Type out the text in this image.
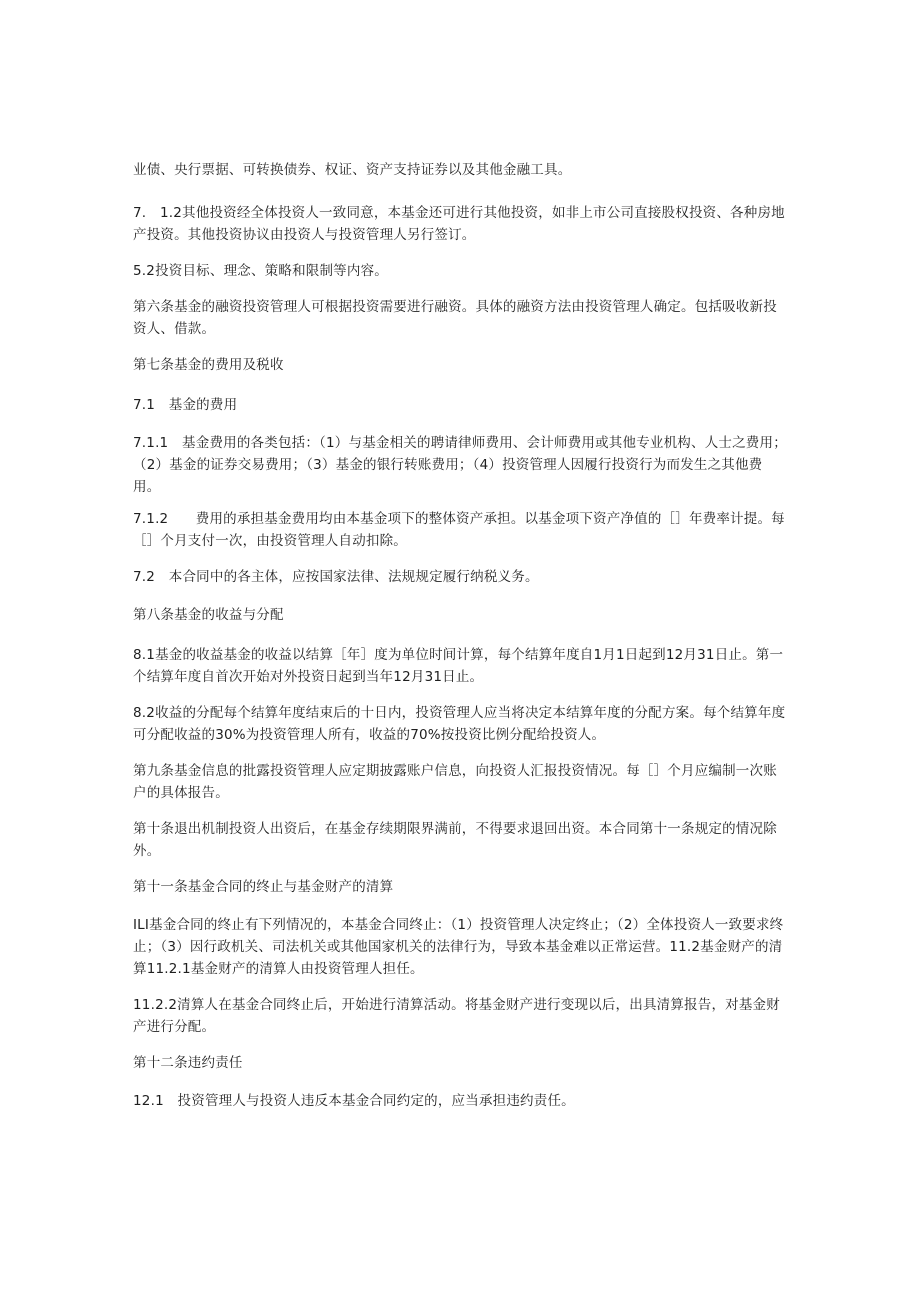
业债、央行票据、可转换债券、权证、资产支持证券以及其他金融工具。

7.　1.2其他投资经全体投资人一致同意，本基金还可进行其他投资，如非上市公司直接股权投资、各种房地产投资。其他投资协议由投资人与投资管理人另行签订。

5.2投资目标、理念、策略和限制等内容。

第六条基金的融资投资管理人可根据投资需要进行融资。具体的融资方法由投资管理人确定。包括吸收新投资人、借款。

第七条基金的费用及税收

7.1　基金的费用

7.1.1　基金费用的各类包括：（1）与基金相关的聘请律师费用、会计师费用或其他专业机构、人士之费用；（2）基金的证券交易费用；（3）基金的银行转账费用；（4）投资管理人因履行投资行为而发生之其他费用。

7.1.2　　费用的承担基金费用均由本基金项下的整体资产承担。以基金项下资产净值的［］年费率计提。每［］个月支付一次，由投资管理人自动扣除。

7.2　本合同中的各主体，应按国家法律、法规规定履行纳税义务。

第八条基金的收益与分配

8.1基金的收益基金的收益以结算［年］度为单位时间计算，每个结算年度自1月1日起到12月31日止。第一个结算年度自首次开始对外投资日起到当年12月31日止。

8.2收益的分配每个结算年度结束后的十日内，投资管理人应当将决定本结算年度的分配方案。每个结算年度可分配收益的30%为投资管理人所有，收益的70%按投资比例分配给投资人。

第九条基金信息的批露投资管理人应定期披露账户信息，向投资人汇报投资情况。每［］个月应编制一次账户的具体报告。

第十条退出机制投资人出资后，在基金存续期限界满前，不得要求退回出资。本合同第十一条规定的情况除外。

第十一条基金合同的终止与基金财产的清算

ILI基金合同的终止有下列情况的，本基金合同终止：（1）投资管理人决定终止；（2）全体投资人一致要求终止；（3）因行政机关、司法机关或其他国家机关的法律行为，导致本基金难以正常运营。11.2基金财产的清算11.2.1基金财产的清算人由投资管理人担任。

11.2.2清算人在基金合同终止后，开始进行清算活动。将基金财产进行变现以后，出具清算报告，对基金财产进行分配。

第十二条违约责任

12.1　投资管理人与投资人违反本基金合同约定的，应当承担违约责任。
